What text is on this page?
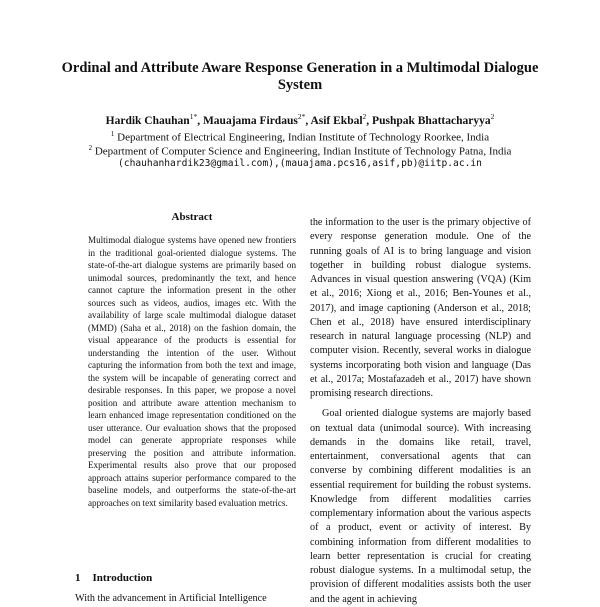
Ordinal and Attribute Aware Response Generation in a Multimodal Dialogue System
Hardik Chauhan$^{1*}$, Mauajama Firdaus$^{2*}$, Asif Ekbal$^2$, Pushpak Bhattacharyya$^2$
$^1$ Department of Electrical Engineering, Indian Institute of Technology Roorkee, India
$^2$ Department of Computer Science and Engineering, Indian Institute of Technology Patna, India
(chauhanhardik23@gmail.com),(mauajama.pcs16,asif,pb)@iitp.ac.in
Abstract
Multimodal dialogue systems have opened new frontiers in the traditional goal-oriented dialogue systems. The state-of-the-art dialogue systems are primarily based on unimodal sources, predominantly the text, and hence cannot capture the information present in the other sources such as videos, audios, images etc. With the availability of large scale multimodal dialogue dataset (MMD) (Saha et al., 2018) on the fashion domain, the visual appearance of the products is essential for understanding the intention of the user. Without capturing the information from both the text and image, the system will be incapable of generating correct and desirable responses. In this paper, we propose a novel position and attribute aware attention mechanism to learn enhanced image representation conditioned on the user utterance. Our evaluation shows that the proposed model can generate appropriate responses while preserving the position and attribute information. Experimental results also prove that our proposed approach attains superior performance compared to the baseline models, and outperforms the state-of-the-art approaches on text similarity based evaluation metrics.
1 Introduction
With the advancement in Artificial Intelligence

the information to the user is the primary objective of every response generation module. One of the running goals of AI is to bring language and vision together in building robust dialogue systems. Advances in visual question answering (VQA) (Kim et al., 2016; Xiong et al., 2016; Ben-Younes et al., 2017), and image captioning (Anderson et al., 2018; Chen et al., 2018) have ensured interdisciplinary research in natural language processing (NLP) and computer vision. Recently, several works in dialogue systems incorporating both vision and language (Das et al., 2017a; Mostafazadeh et al., 2017) have shown promising research directions.

Goal oriented dialogue systems are majorly based on textual data (unimodal source). With increasing demands in the domains like retail, travel, entertainment, conversational agents that can converse by combining different modalities is an essential requirement for building the robust systems. Knowledge from different modalities carries complementary information about the various aspects of a product, event or activity of interest. By combining information from different modalities to learn better representation is crucial for creating robust dialogue systems. In a multimodal setup, the provision of different modalities assists both the user and the agent in achieving
